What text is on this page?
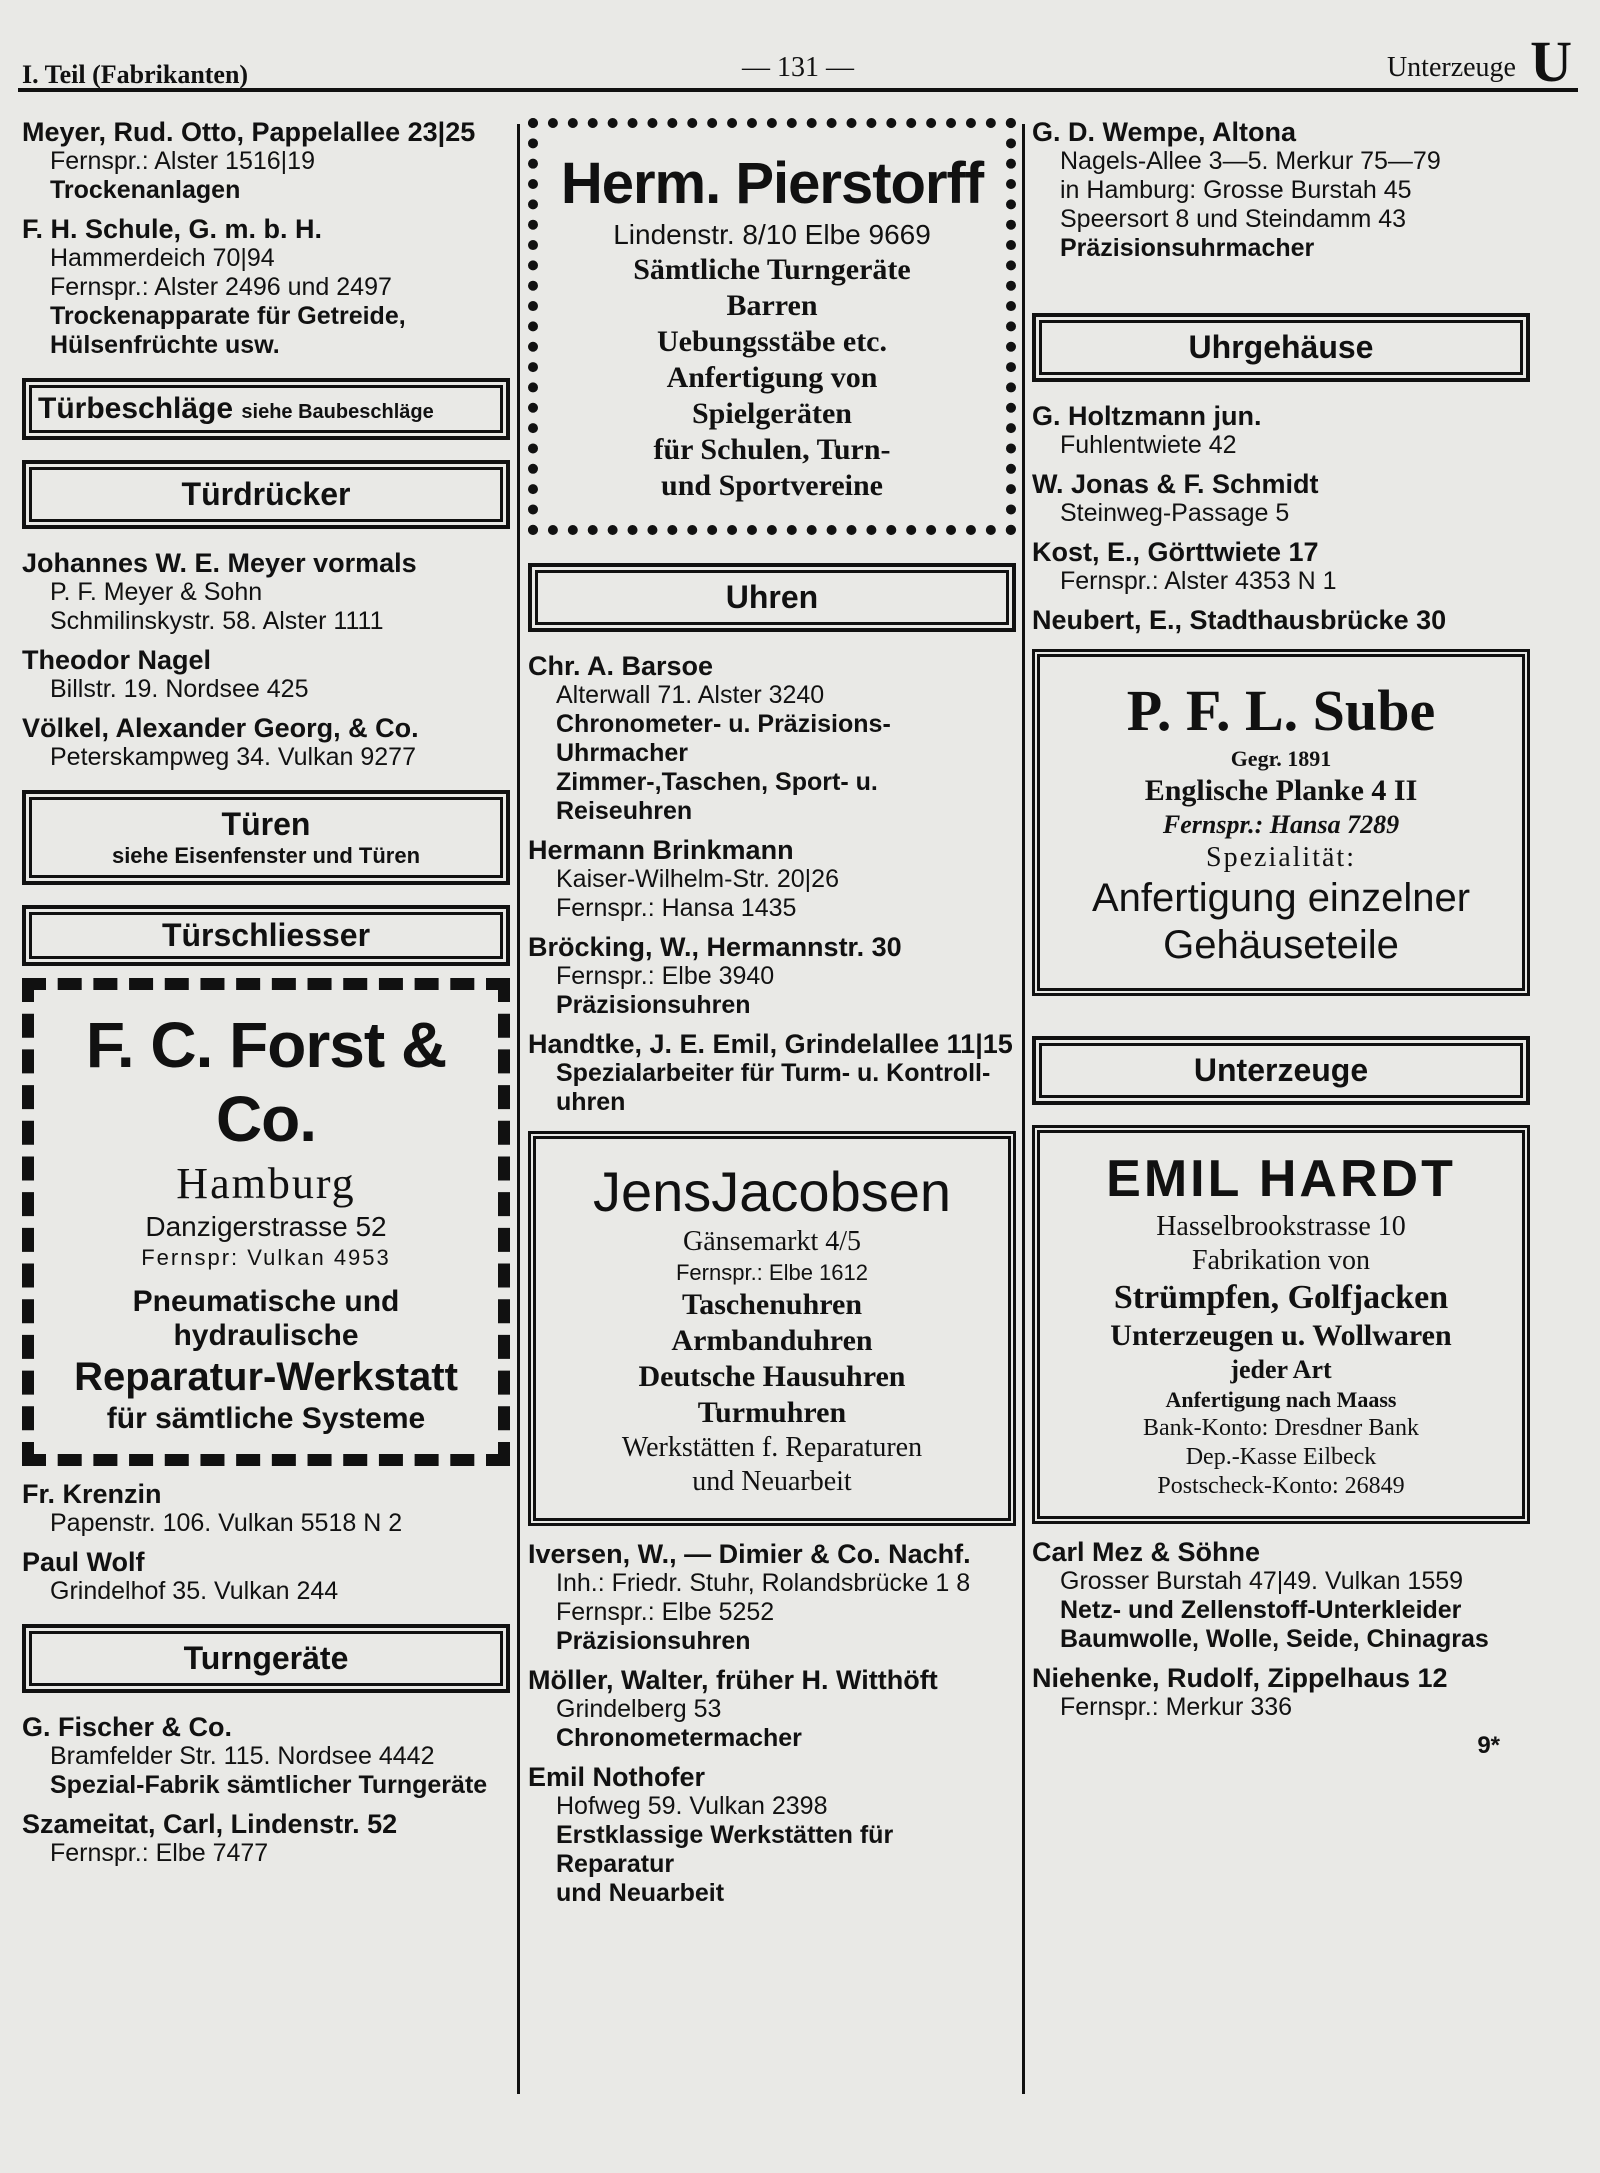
I. Teil (Fabrikanten)	— 131 —	Unterzeuge U
Meyer, Rud. Otto, Pappelallee 23|25
Fernspr.: Alster 1516|19
Trockenanlagen
F. H. Schule, G. m. b. H.
Hammerdeich 70|94
Fernspr.: Alster 2496 und 2497
Trockenapparate für Getreide,
Hülsenfrüchte usw.
Türbeschläge siehe Baubeschläge
Türdrücker
Johannes W. E. Meyer vormals
P. F. Meyer & Sohn
Schmilinskystr. 58. Alster 1111
Theodor Nagel
Billstr. 19. Nordsee 425
Völkel, Alexander Georg, & Co.
Peterskampweg 34. Vulkan 9277
Türen
siehe Eisenfenster und Türen
Türschliesser
F. C. Forst & Co.
Hamburg
Danzigerstrasse 52
Fernspr: Vulkan 4953
Pneumatische und hydraulische
Reparatur-Werkstatt
für sämtliche Systeme
Fr. Krenzin
Papenstr. 106. Vulkan 5518 N 2
Paul Wolf
Grindelhof 35. Vulkan 244
Turngeräte
G. Fischer & Co.
Bramfelder Str. 115. Nordsee 4442
Spezial-Fabrik sämtlicher Turngeräte
Szameitat, Carl, Lindenstr. 52
Fernspr.: Elbe 7477
Herm. Pierstorff
Lindenstr. 8/10 Elbe 9669
Sämtliche Turngeräte
Barren
Uebungsstäbe etc.
Anfertigung von
Spielgeräten
für Schulen, Turn-
und Sportvereine
Uhren
Chr. A. Barsoe
Alterwall 71. Alster 3240
Chronometer- u. Präzisions-Uhrmacher
Zimmer-,Taschen, Sport- u. Reiseuhren
Hermann Brinkmann
Kaiser-Wilhelm-Str. 20|26
Fernspr.: Hansa 1435
Bröcking, W., Hermannstr. 30
Fernspr.: Elbe 3940
Präzisionsuhren
Handtke, J. E. Emil, Grindelallee 11|15
Spezialarbeiter für Turm- u. Kontroll-
uhren
JensJacobsen
Gänsemarkt 4/5
Fernspr.: Elbe 1612
Taschenuhren
Armbanduhren
Deutsche Hausuhren
Turmuhren
Werkstätten f. Reparaturen
und Neuarbeit
Iversen, W., — Dimier & Co. Nachf.
Inh.: Friedr. Stuhr, Rolandsbrücke 1 8
Fernspr.: Elbe 5252
Präzisionsuhren
Möller, Walter, früher H. Witthöft
Grindelberg 53
Chronometermacher
Emil Nothofer
Hofweg 59. Vulkan 2398
Erstklassige Werkstätten für Reparatur
und Neuarbeit
G. D. Wempe, Altona
Nagels-Allee 3—5. Merkur 75—79
in Hamburg: Grosse Burstah 45
Speersort 8 und Steindamm 43
Präzisionsuhrmacher
Uhrgehäuse
G. Holtzmann jun.
Fuhlentwiete 42
W. Jonas & F. Schmidt
Steinweg-Passage 5
Kost, E., Görttwiete 17
Fernspr.: Alster 4353 N 1
Neubert, E., Stadthausbrücke 30
P. F. L. Sube
Gegr. 1891
Englische Planke 4 II
Fernspr.: Hansa 7289
Spezialität:
Anfertigung einzelner
Gehäuseteile
Unterzeuge
EMIL HARDT
Hasselbrookstrasse 10
Fabrikation von
Strümpfen, Golfjacken
Unterzeugen u. Wollwaren
jeder Art
Anfertigung nach Maass
Bank-Konto: Dresdner Bank
Dep.-Kasse Eilbeck
Postscheck-Konto: 26849
Carl Mez & Söhne
Grosser Burstah 47|49. Vulkan 1559
Netz- und Zellenstoff-Unterkleider
Baumwolle, Wolle, Seide, Chinagras
Niehenke, Rudolf, Zippelhaus 12
Fernspr.: Merkur 336
9*
